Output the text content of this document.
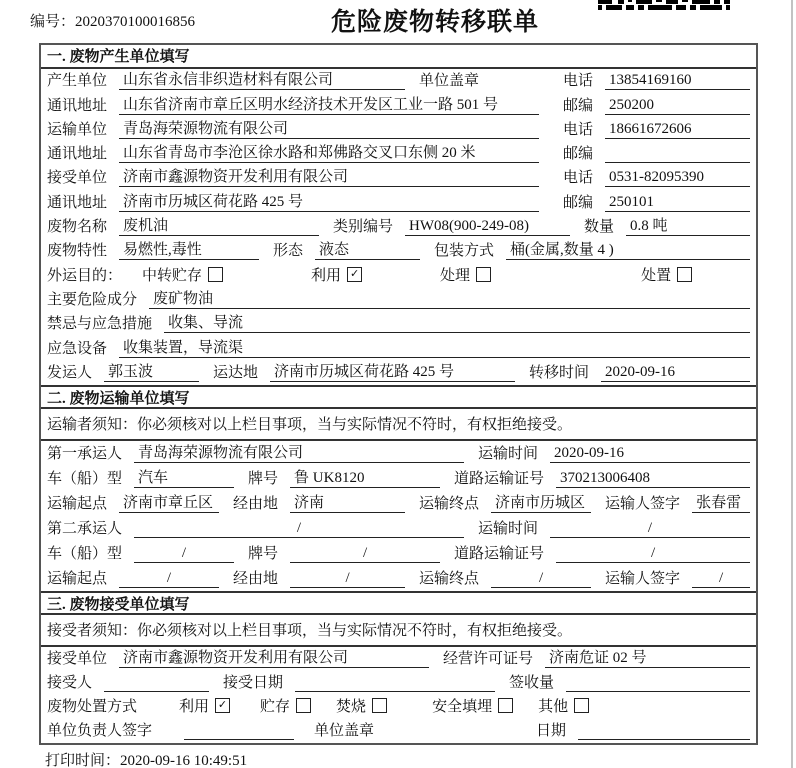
编号：2020370100016856	危险废物转移联单
一. 废物产生单位填写
产生单位 山东省永信非织造材料有限公司	单位盖章	电话 13854169160
通讯地址 山东省济南市章丘区明水经济技术开发区工业一路 501 号	邮编 250200
运输单位 青岛海荣源物流有限公司	电话 18661672606
通讯地址 山东省青岛市李沧区徐水路和郑佛路交叉口东侧 20 米	邮编
接受单位 济南市鑫源物资开发利用有限公司	电话 0531-82095390
通讯地址 济南市历城区荷花路 425 号	邮编 250101
废物名称 废机油	类别编号 HW08(900-249-08)	数量 0.8 吨
废物特性 易燃性,毒性	形态 液态	包装方式 桶(金属,数量 4 )
外运目的： 中转贮存	利用 ✓	处理	处置
主要危险成分 废矿物油
禁忌与应急措施 收集、导流
应急设备 收集装置，导流渠
发运人 郭玉波	运达地 济南市历城区荷花路 425 号	转移时间 2020-09-16
二. 废物运输单位填写
运输者须知：你必须核对以上栏目事项，当与实际情况不符时，有权拒绝接受。
第一承运人 青岛海荣源物流有限公司	运输时间 2020-09-16
车（船）型 汽车	牌号 鲁 UK8120	道路运输证号 370213006408
运输起点 济南市章丘区	经由地 济南	运输终点 济南市历城区	运输人签字 张春雷
第二承运人	/	运输时间	/
车（船）型	/	牌号	/	道路运输证号	/
运输起点	/	经由地	/	运输终点	/	运输人签字	/
三. 废物接受单位填写
接受者须知：你必须核对以上栏目事项，当与实际情况不符时，有权拒绝接受。
接受单位 济南市鑫源物资开发利用有限公司	经营许可证号 济南危证 02 号
接受人	接受日期	签收量
废物处置方式	利用 ✓ 贮存	焚烧	安全填埋	其他
单位负责人签字	单位盖章	日期
打印时间：2020-09-16 10:49:51
